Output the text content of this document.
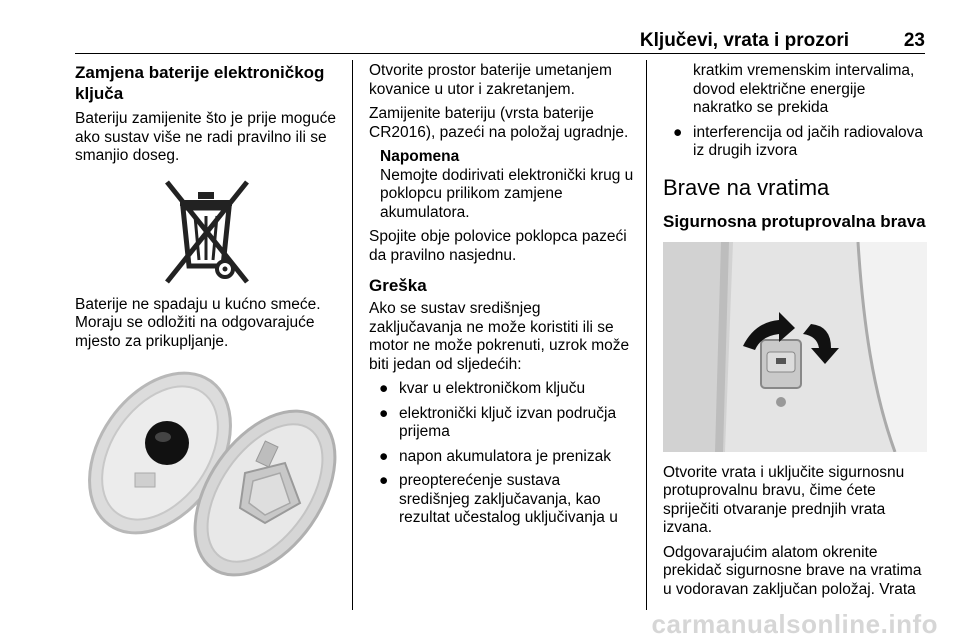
Ključevi, vrata i prozori	23
Zamjena baterije elektroničkog ključa

Bateriju zamijenite što je prije moguće ako sustav više ne radi pravilno ili se smanjio doseg.

Baterije ne spadaju u kućno smeće. Moraju se odložiti na odgovarajuće mjesto za prikupljanje.

Otvorite prostor baterije umetanjem kovanice u utor i zakretanjem.

Zamijenite bateriju (vrsta baterije CR2016), pazeći na položaj ugradnje.

Napomena
Nemojte dodirivati elektronički krug u poklopcu prilikom zamjene akumulatora.

Spojite obje polovice poklopca pazeći da pravilno nasjednu.

Greška

Ako se sustav središnjeg zaključavanja ne može koristiti ili se motor ne može pokrenuti, uzrok može biti jedan od sljedećih:

● kvar u elektroničkom ključu
● elektronički ključ izvan područja prijema
● napon akumulatora je prenizak
● preopterećenje sustava središnjeg zaključavanja, kao rezultat učestalog uključivanja u

kratkim vremenskim intervalima, dovod električne energije nakratko se prekida

● interferencija od jačih radiovalova iz drugih izvora
Brave na vratima
Sigurnosna protuprovalna brava

Otvorite vrata i uključite sigurnosnu protuprovalnu bravu, čime ćete spriječiti otvaranje prednjih vrata izvana.

Odgovarajućim alatom okrenite prekidač sigurnosne brave na vratima u vodoravan zaključan položaj. Vrata

carmanualsonline.info
